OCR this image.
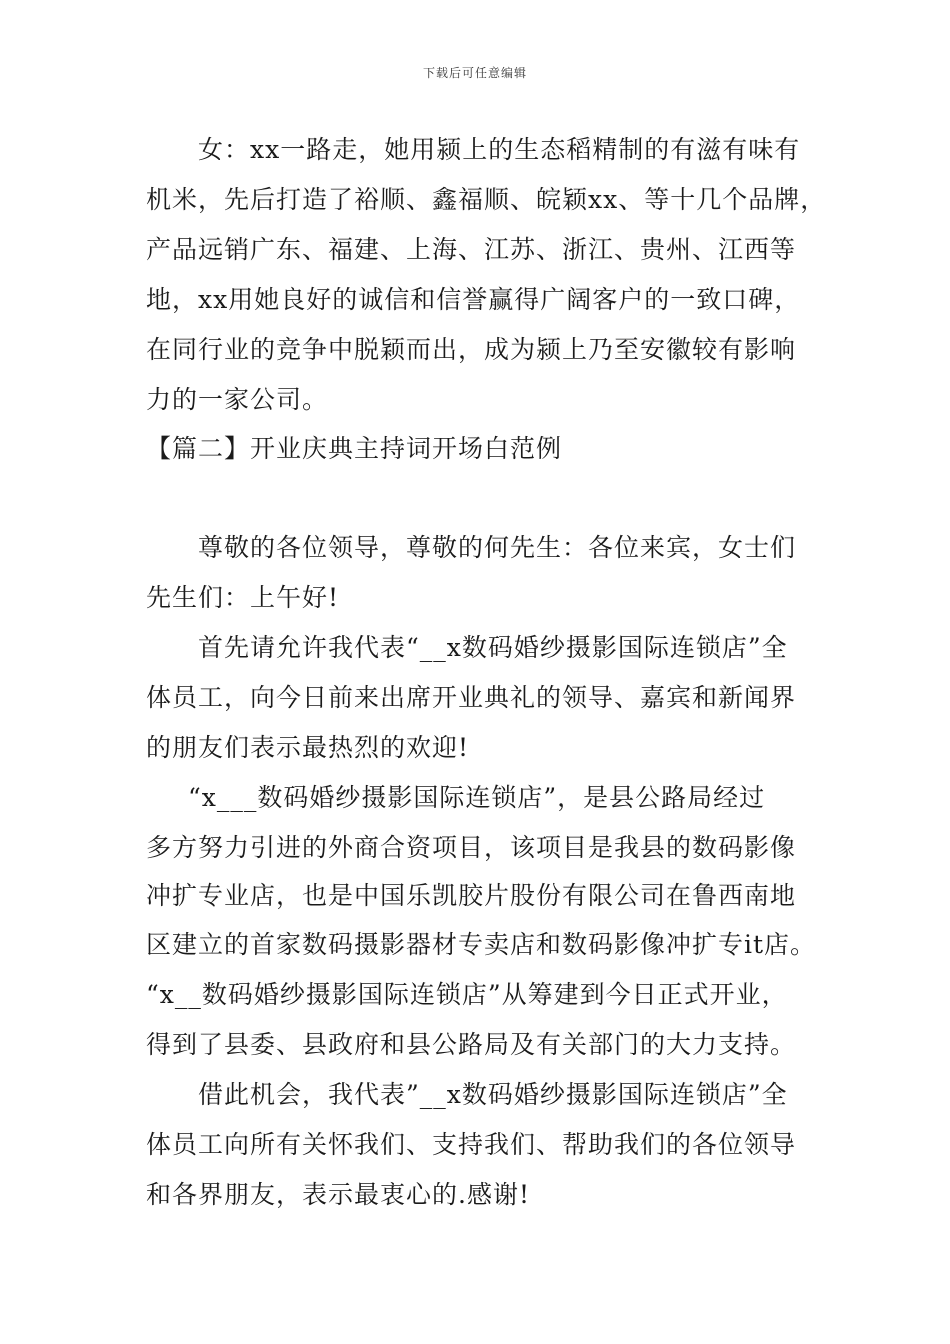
下载后可任意编辑
女：xx一路走，她用颍上的生态稻精制的有滋有味有
机米，先后打造了裕顺、鑫福顺、皖颖xx、等十几个品牌，
产品远销广东、福建、上海、江苏、浙江、贵州、江西等
地，xx用她良好的诚信和信誉赢得广阔客户的一致口碑，
在同行业的竞争中脱颖而出，成为颍上乃至安徽较有影响
力的一家公司。
【篇二】开业庆典主持词开场白范例
尊敬的各位领导，尊敬的何先生：各位来宾，女士们
先生们：上午好!
首先请允许我代表“__x数码婚纱摄影国际连锁店”全
体员工，向今日前来出席开业典礼的领导、嘉宾和新闻界
的朋友们表示最热烈的欢迎!
“x___数码婚纱摄影国际连锁店”，是县公路局经过
多方努力引进的外商合资项目，该项目是我县的数码影像
冲扩专业店，也是中国乐凯胶片股份有限公司在鲁西南地
区建立的首家数码摄影器材专卖店和数码影像冲扩专it店。
“x__数码婚纱摄影国际连锁店”从筹建到今日正式开业，
得到了县委、县政府和县公路局及有关部门的大力支持。
借此机会，我代表”__x数码婚纱摄影国际连锁店”全
体员工向所有关怀我们、支持我们、帮助我们的各位领导
和各界朋友，表示最衷心的.感谢!
